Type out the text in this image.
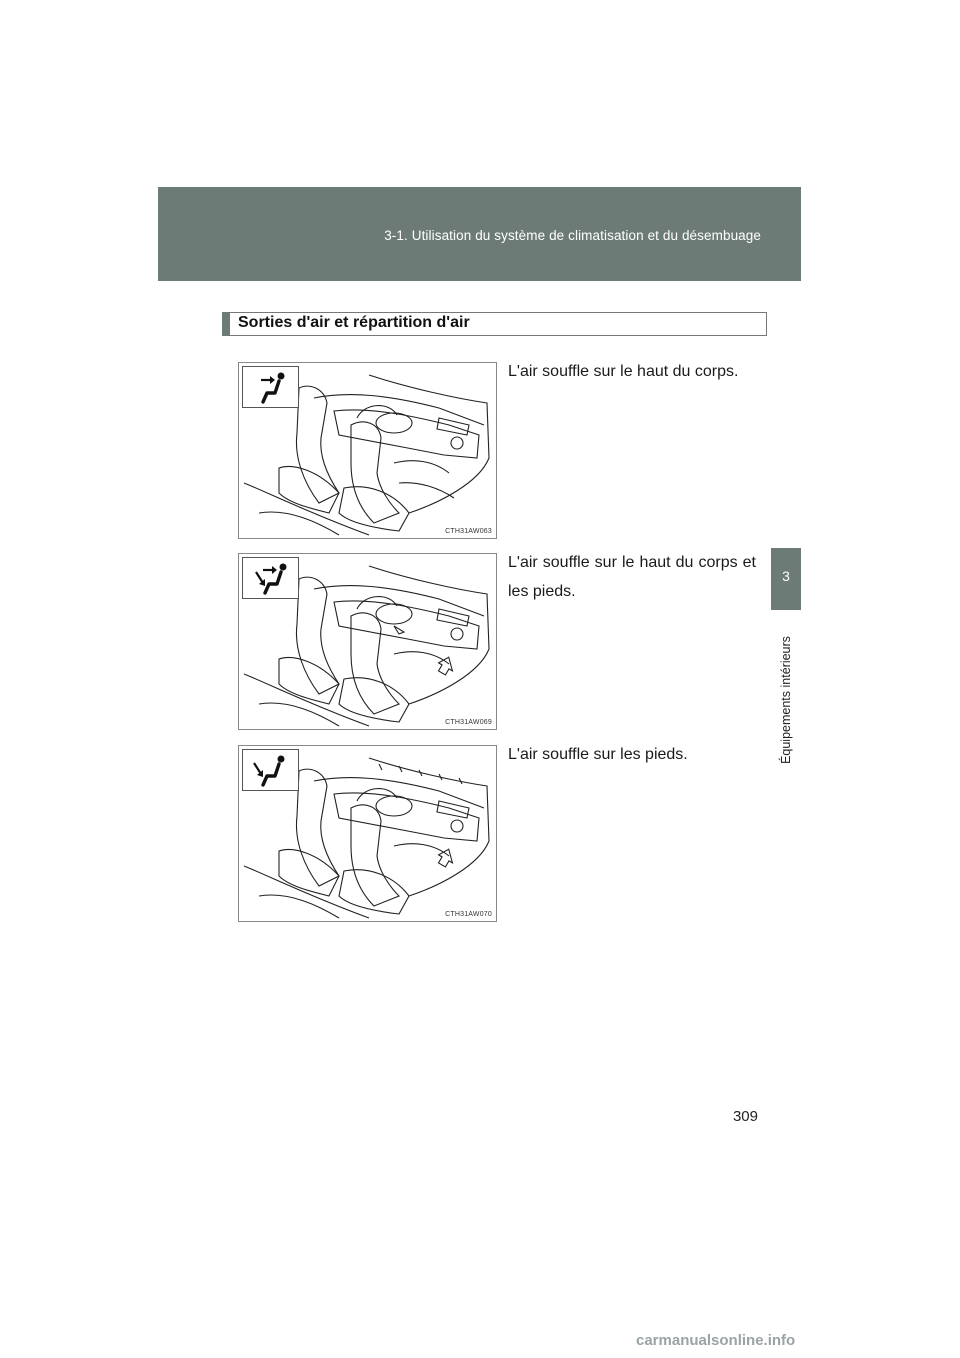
3-1. Utilisation du système de climatisation et du désembuage
3
Équipements intérieurs
Sorties d'air et répartition d'air
CTH31AW063
L'air souffle sur le haut du corps.
CTH31AW069
L'air souffle sur le haut du corps et les pieds.
CTH31AW070
L'air souffle sur les pieds.
309
carmanualsonline.info
